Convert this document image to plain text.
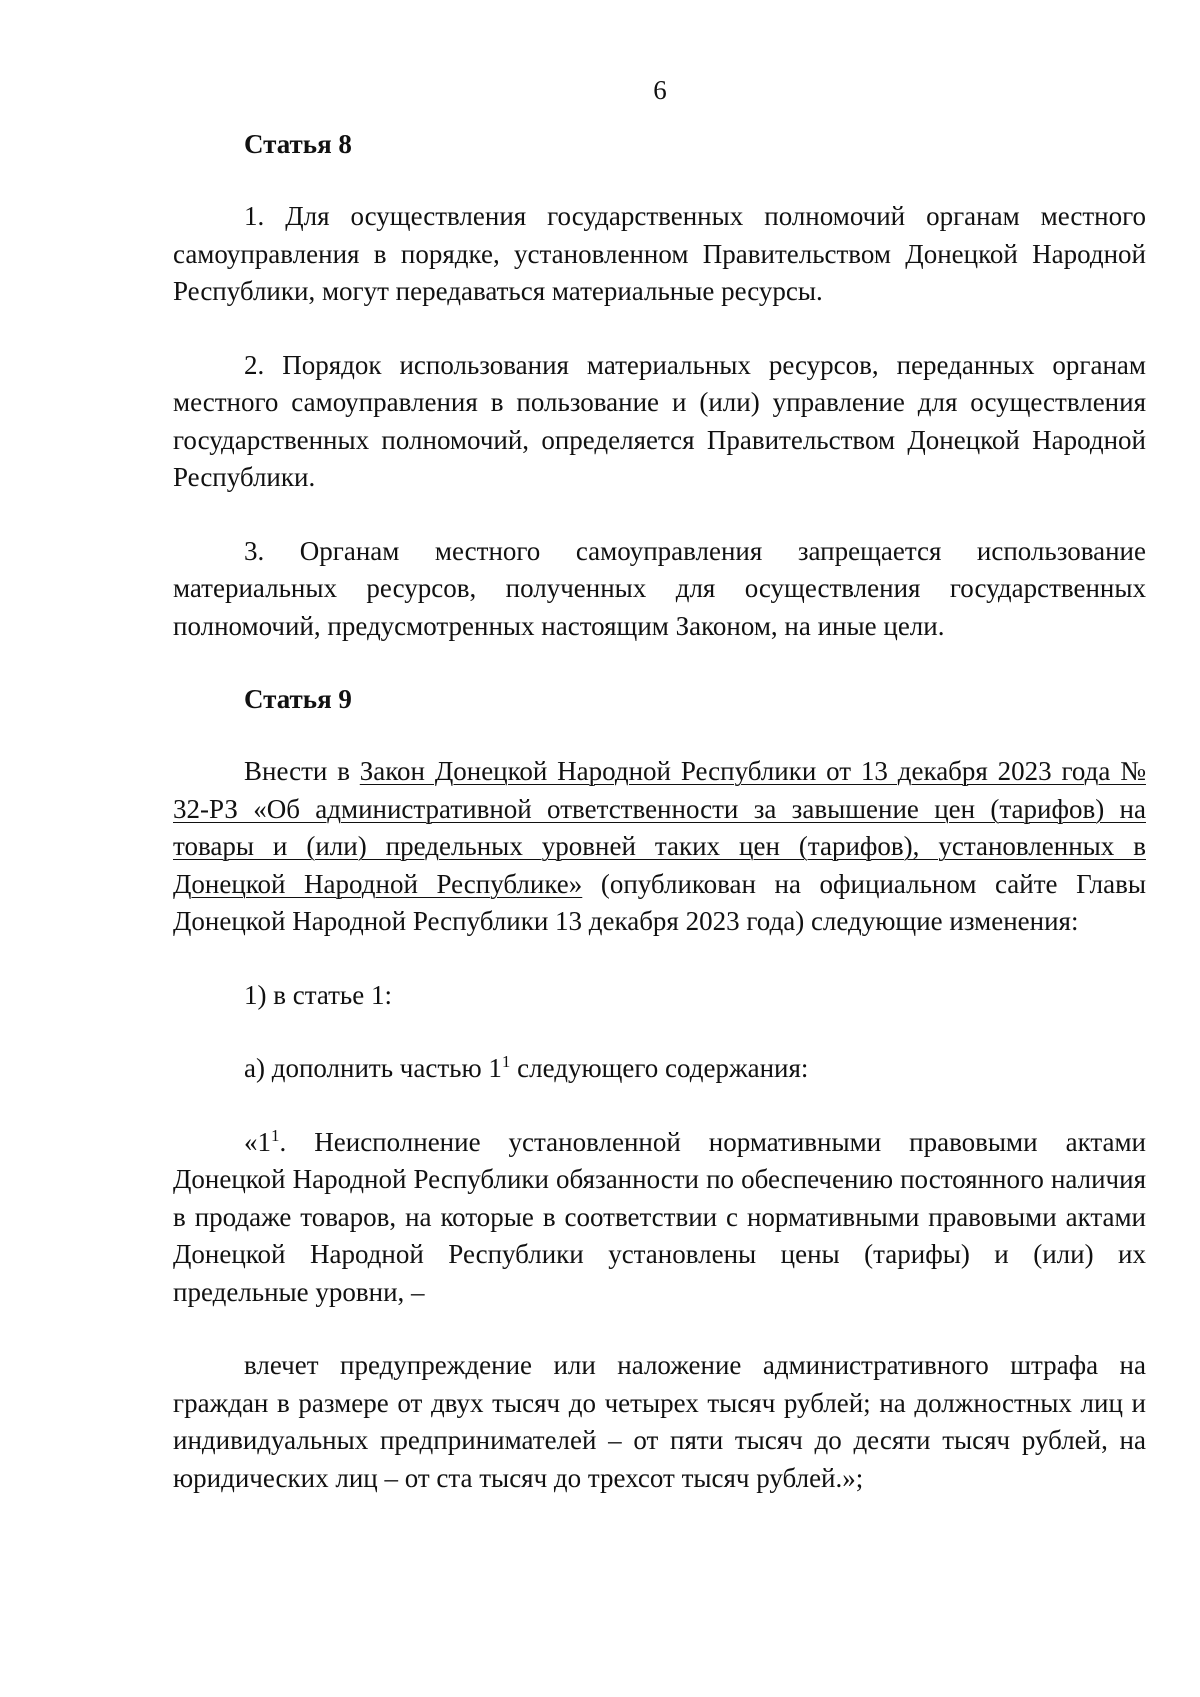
6
Статья 8

1. Для осуществления государственных полномочий органам местного самоуправления в порядке, установленном Правительством Донецкой Народной Республики, могут передаваться материальные ресурсы.

2. Порядок использования материальных ресурсов, переданных органам местного самоуправления в пользование и (или) управление для осуществления государственных полномочий, определяется Правительством Донецкой Народной Республики.

3. Органам местного самоуправления запрещается использование материальных ресурсов, полученных для осуществления государственных полномочий, предусмотренных настоящим Законом, на иные цели.

Статья 9

Внести в Закон Донецкой Народной Республики от 13 декабря 2023 года № 32-РЗ «Об административной ответственности за завышение цен (тарифов) на товары и (или) предельных уровней таких цен (тарифов), установленных в Донецкой Народной Республике» (опубликован на официальном сайте Главы Донецкой Народной Республики 13 декабря 2023 года) следующие изменения:

1) в статье 1:

а) дополнить частью $1^1$ следующего содержания:

«$1^1$. Неисполнение установленной нормативными правовыми актами Донецкой Народной Республики обязанности по обеспечению постоянного наличия в продаже товаров, на которые в соответствии с нормативными правовыми актами Донецкой Народной Республики установлены цены (тарифы) и (или) их предельные уровни, –

влечет предупреждение или наложение административного штрафа на граждан в размере от двух тысяч до четырех тысяч рублей; на должностных лиц и индивидуальных предпринимателей – от пяти тысяч до десяти тысяч рублей, на юридических лиц – от ста тысяч до трехсот тысяч рублей.»;
